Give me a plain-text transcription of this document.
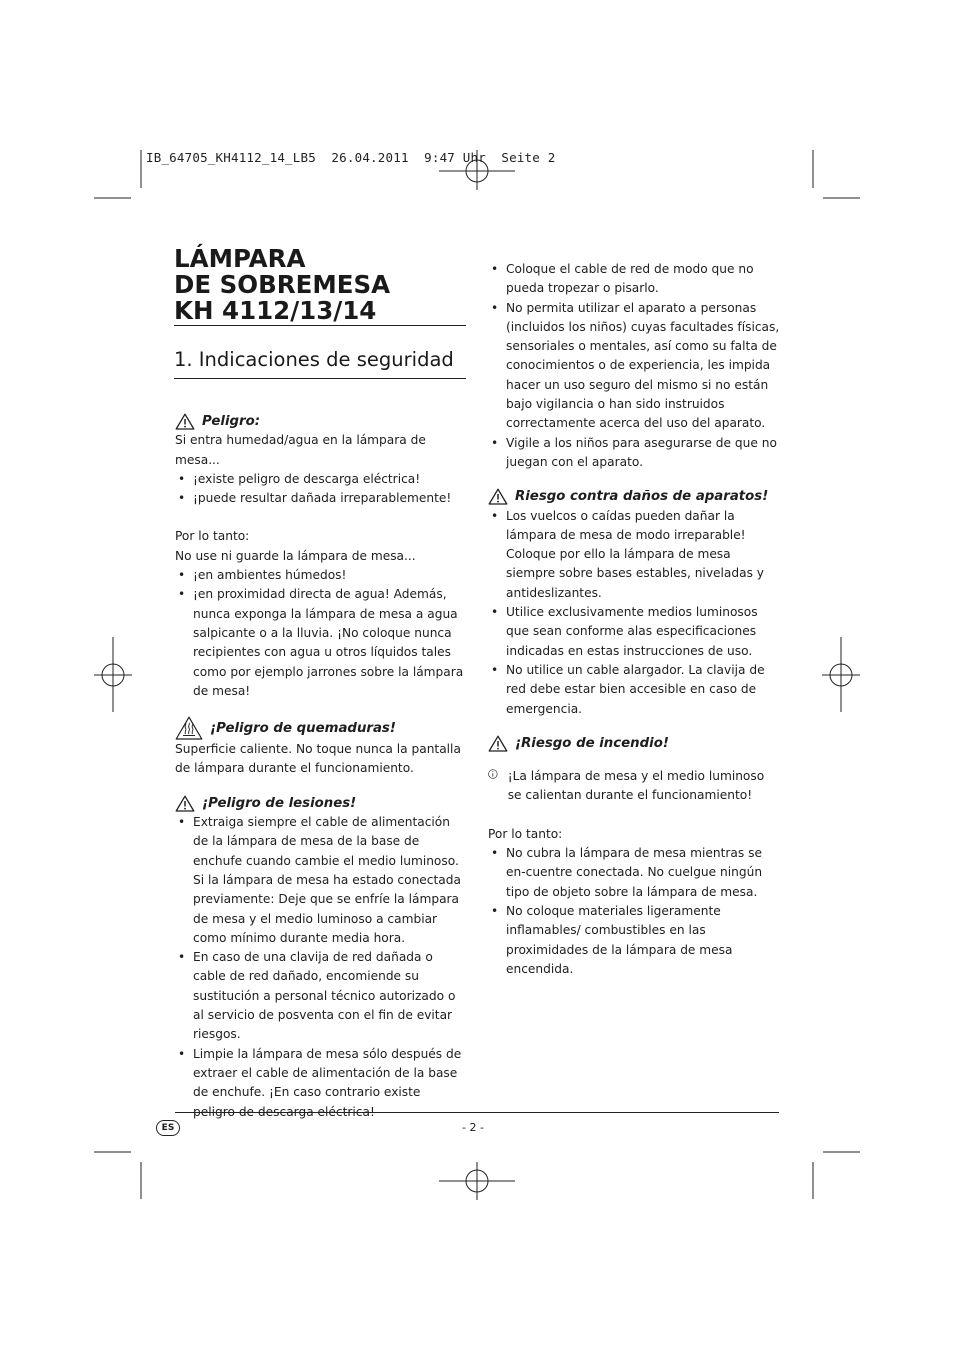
IB_64705_KH4112_14_LB5  26.04.2011  9:47 Uhr  Seite 2
LÁMPARA
DE SOBREMESA
KH 4112/13/14
1. Indicaciones de seguridad
Peligro:

Si entra humedad/agua en la lámpara de mesa...

• ¡existe peligro de descarga eléctrica!
• ¡puede resultar dañada irreparablemente!

Por lo tanto:

No use ni guarde la lámpara de mesa...

• ¡en ambientes húmedos!
• ¡en proximidad directa de agua! Además, nunca exponga la lámpara de mesa a agua salpicante o a la lluvia. ¡No coloque nunca recipientes con agua u otros líquidos tales como por ejemplo jarrones sobre la lámpara de mesa!
¡Peligro de quemaduras!

Superficie caliente. No toque nunca la pantalla de lámpara durante el funcionamiento.

¡Peligro de lesiones!
• Extraiga siempre el cable de alimentación de la lámpara de mesa de la base de enchufe cuando cambie el medio luminoso. Si la lámpara de mesa ha estado conectada previamente: Deje que se enfríe la lámpara de mesa y el medio luminoso a cambiar como mínimo durante media hora.
• En caso de una clavija de red dañada o cable de red dañado, encomiende su sustitución a personal técnico autorizado o al servicio de posventa con el fin de evitar riesgos.
• Limpie la lámpara de mesa sólo después de extraer el cable de alimentación de la base de enchufe. ¡En caso contrario existe peligro de descarga eléctrica!
• Coloque el cable de red de modo que no pueda tropezar o pisarlo.
• No permita utilizar el aparato a personas (incluidos los niños) cuyas facultades físicas, sensoriales o mentales, así como su falta de conocimientos o de experiencia, les impida hacer un uso seguro del mismo si no están bajo vigilancia o han sido instruidos correctamente acerca del uso del aparato.
• Vigile a los niños para asegurarse de que no juegan con el aparato.
Riesgo contra daños de aparatos!
• Los vuelcos o caídas pueden dañar la lámpara de mesa de modo irreparable! Coloque por ello la lámpara de mesa siempre sobre bases estables, niveladas y antideslizantes.
• Utilice exclusivamente medios luminosos que sean conforme alas especificaciones indicadas en estas instrucciones de uso.
• No utilice un cable alargador. La clavija de red debe estar bien accesible en caso de emergencia.
¡Riesgo de incendio!
¡La lámpara de mesa y el medio luminoso se calientan durante el funcionamiento!

Por lo tanto:

• No cubra la lámpara de mesa mientras se en-cuentre conectada. No cuelgue ningún tipo de objeto sobre la lámpara de mesa.
• No coloque materiales ligeramente inflamables/ combustibles en las proximidades de la lámpara de mesa encendida.
ES	- 2 -
